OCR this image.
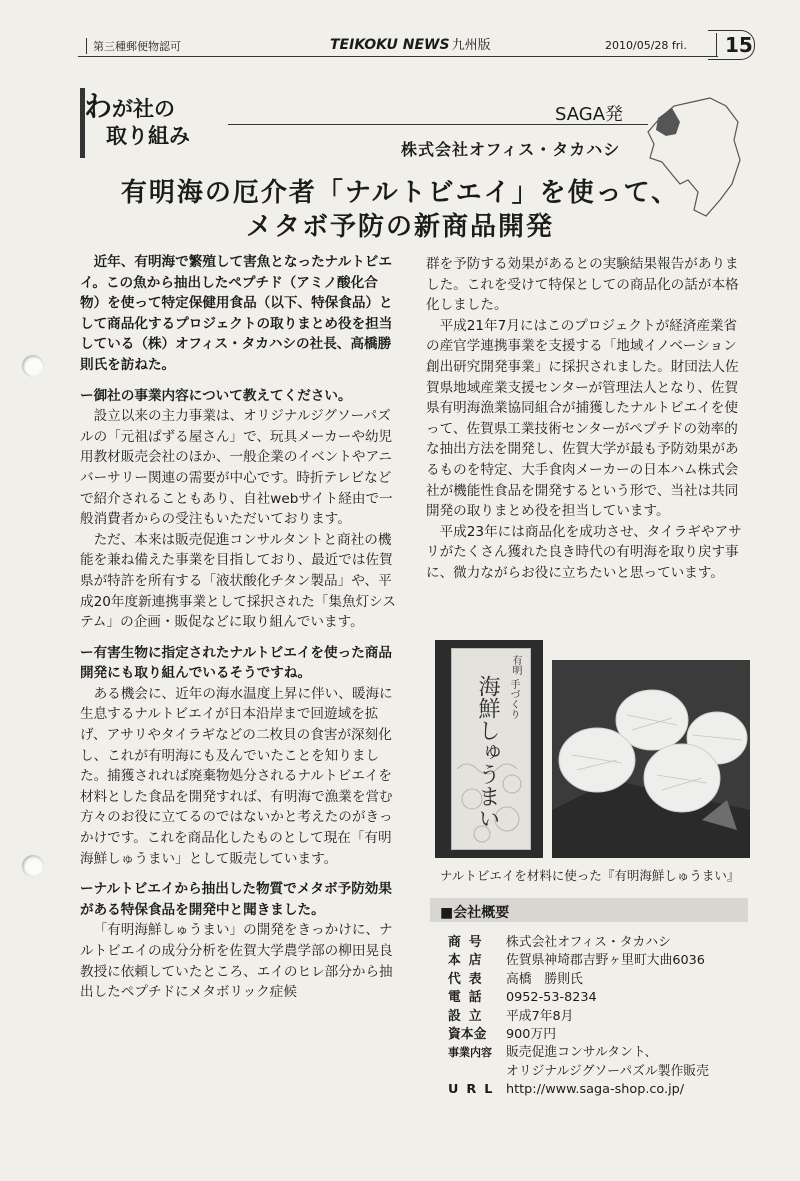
第三種郵便物認可	TEIKOKU NEWS 九州版	2010/05/28 fri.	15
わが社の
取り組み
SAGA発
株式会社オフィス・タカハシ
有明海の厄介者「ナルトビエイ」を使って、
メタボ予防の新商品開発

近年、有明海で繁殖して害魚となったナルトビエイ。この魚から抽出したペプチド（アミノ酸化合物）を使って特定保健用食品（以下、特保食品）として商品化するプロジェクトの取りまとめ役を担当している（株）オフィス・タカハシの社長、高橋勝則氏を訪ねた。

ー御社の事業内容について教えてください。

設立以来の主力事業は、オリジナルジグソーパズルの「元祖ぱずる屋さん」で、玩具メーカーや幼児用教材販売会社のほか、一般企業のイベントやアニバーサリー関連の需要が中心です。時折テレビなどで紹介されることもあり、自社webサイト経由で一般消費者からの受注もいただいております。

ただ、本来は販売促進コンサルタントと商社の機能を兼ね備えた事業を目指しており、最近では佐賀県が特許を所有する「液状酸化チタン製品」や、平成20年度新連携事業として採択された「集魚灯システム」の企画・販促などに取り組んでいます。

ー有害生物に指定されたナルトビエイを使った商品開発にも取り組んでいるそうですね。

ある機会に、近年の海水温度上昇に伴い、暖海に生息するナルトビエイが日本沿岸まで回遊域を拡げ、アサリやタイラギなどの二枚貝の食害が深刻化し、これが有明海にも及んでいたことを知りました。捕獲されれば廃棄物処分されるナルトビエイを材料とした食品を開発すれば、有明海で漁業を営む方々のお役に立てるのではないかと考えたのがきっかけです。これを商品化したものとして現在「有明海鮮しゅうまい」として販売しています。

ーナルトビエイから抽出した物質でメタボ予防効果がある特保食品を開発中と聞きました。

「有明海鮮しゅうまい」の開発をきっかけに、ナルトビエイの成分分析を佐賀大学農学部の柳田晃良教授に依頼していたところ、エイのヒレ部分から抽出したペプチドにメタボリック症候

群を予防する効果があるとの実験結果報告がありました。これを受けて特保としての商品化の話が本格化しました。

平成21年7月にはこのプロジェクトが経済産業省の産官学連携事業を支援する「地域イノベーション創出研究開発事業」に採択されました。財団法人佐賀県地域産業支援センターが管理法人となり、佐賀県有明海漁業協同組合が捕獲したナルトビエイを使って、佐賀県工業技術センターがペプチドの効率的な抽出方法を開発し、佐賀大学が最も予防効果があるものを特定、大手食肉メーカーの日本ハム株式会社が機能性食品を開発するという形で、当社は共同開発の取りまとめ役を担当しています。

平成23年には商品化を成功させ、タイラギやアサリがたくさん獲れた良き時代の有明海を取り戻す事に、微力ながらお役に立ちたいと思っています。

有明
手づくり
海鮮しゅうまい
ナルトビエイを材料に使った『有明海鮮しゅうまい』
■会社概要
商号	株式会社オフィス・タカハシ
本店	佐賀県神埼郡吉野ヶ里町大曲6036
代表	高橋　勝則氏
電話	0952-53-8234
設立	平成7年8月
資本金	900万円
事業内容	販売促進コンサルタント、
オリジナルジグソーパズル製作販売
URL http://www.saga-shop.co.jp/
